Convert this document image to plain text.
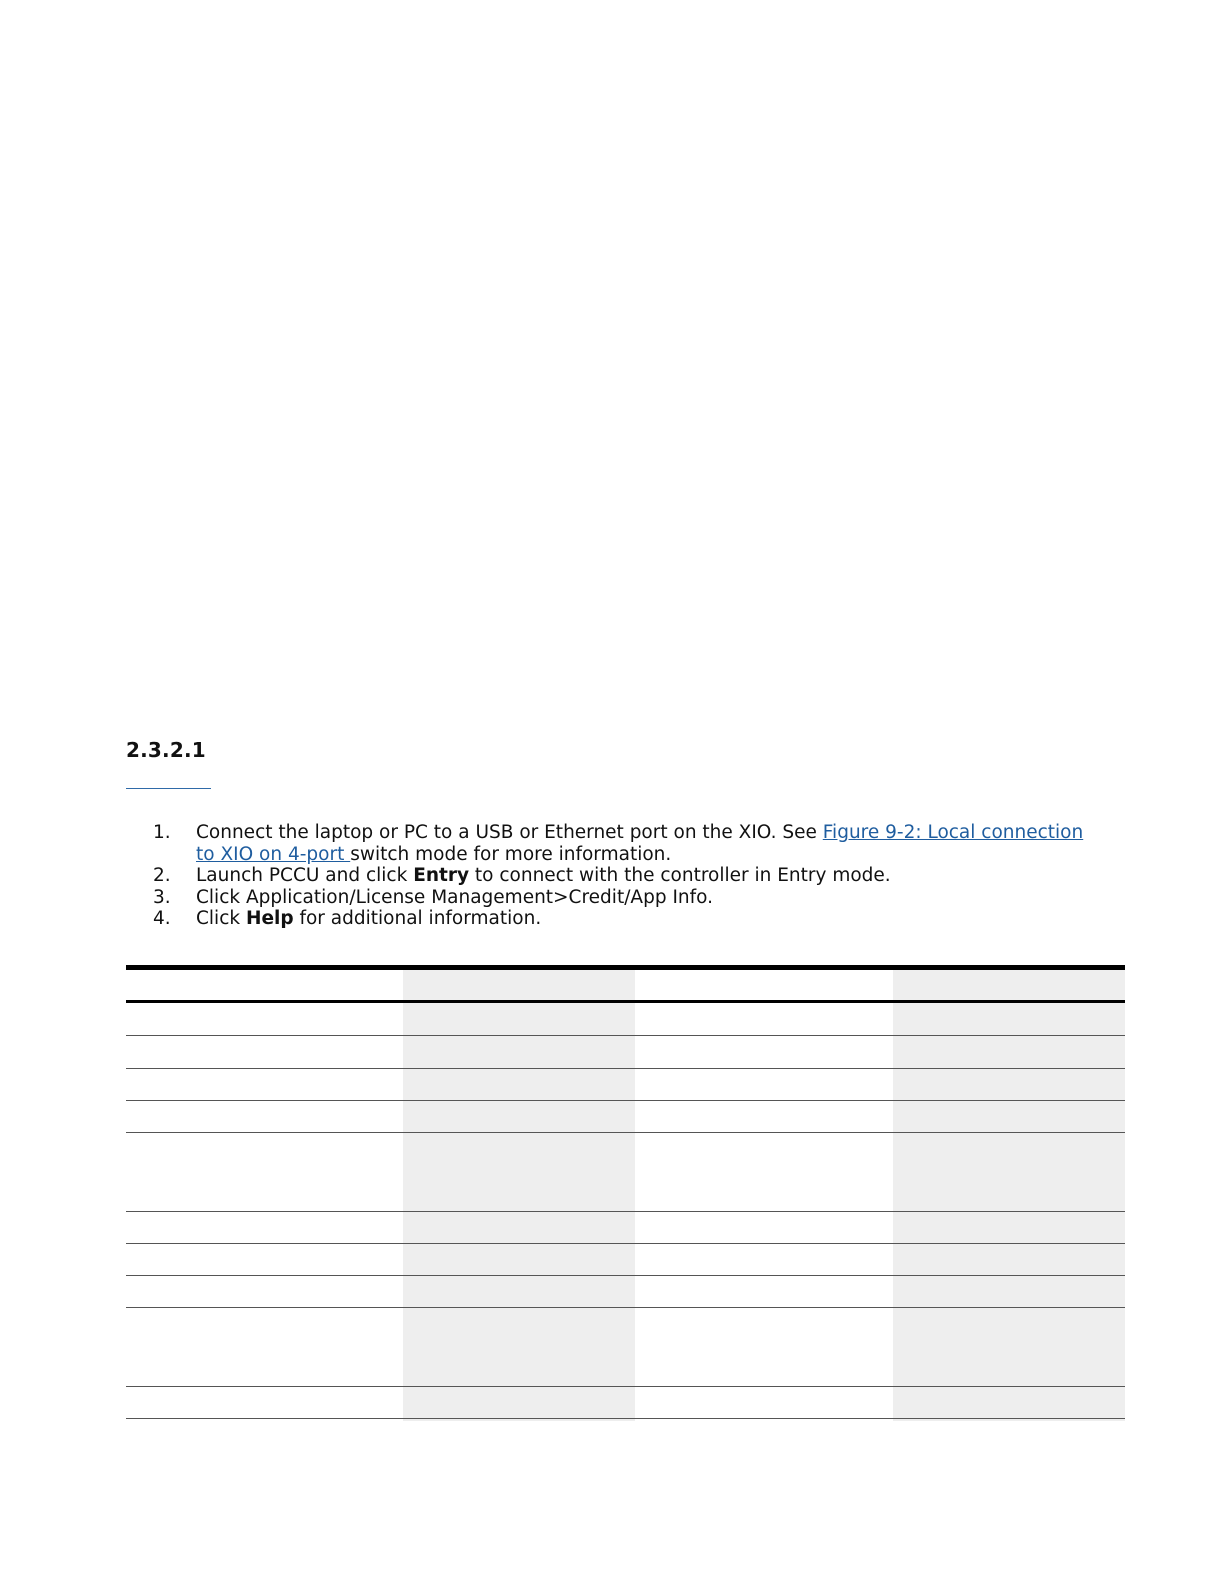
2.3.2.1
1. Connect the laptop or PC to a USB or Ethernet port on the XIO. See Figure 9-2: Local connection to XIO on 4-port switch mode for more information.
2. Launch PCCU and click Entry to connect with the controller in Entry mode.
3. Click Application/License Management>Credit/App Info.
4. Click Help for additional information.
